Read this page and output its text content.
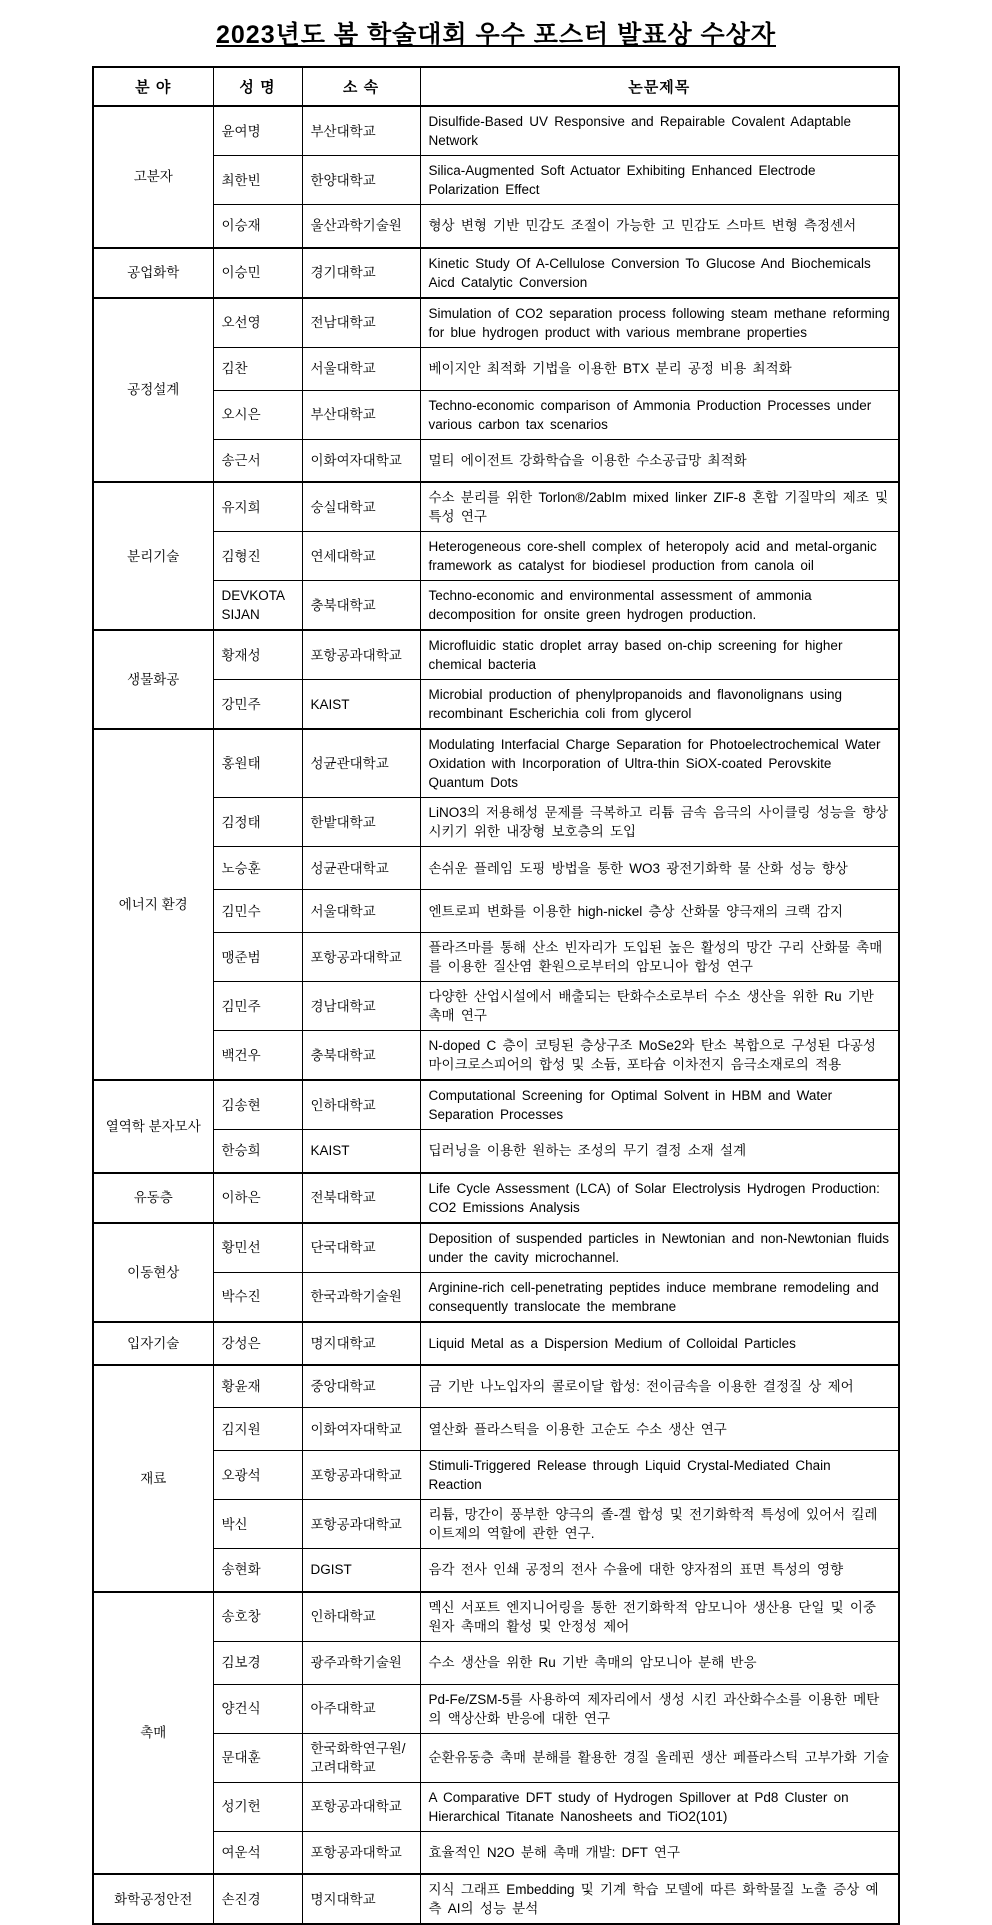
2023년도 봄 학술대회 우수 포스터 발표상 수상자
분 야	성 명	소 속	논문제목
고분자	윤여명	부산대학교	Disulfide-Based UV Responsive and Repairable Covalent Adaptable Network
	최한빈	한양대학교	Silica-Augmented Soft Actuator Exhibiting Enhanced Electrode Polarization Effect
	이승재	울산과학기술원	형상 변형 기반 민감도 조절이 가능한 고 민감도 스마트 변형 측정센서
공업화학	이승민	경기대학교	Kinetic Study Of A-Cellulose Conversion To Glucose And Biochemicals Aicd Catalytic Conversion
공정설계	오선영	전남대학교	Simulation of CO2 separation process following steam methane reforming for blue hydrogen product with various membrane properties
	김찬	서울대학교	베이지안 최적화 기법을 이용한 BTX 분리 공정 비용 최적화
	오시은	부산대학교	Techno-economic comparison of Ammonia Production Processes under various carbon tax scenarios
	송근서	이화여자대학교	멀티 에이전트 강화학습을 이용한 수소공급망 최적화
분리기술	유지희	숭실대학교	수소 분리를 위한 Torlon®/2abIm mixed linker ZIF-8 혼합 기질막의 제조 및 특성 연구
	김형진	연세대학교	Heterogeneous core-shell complex of heteropoly acid and metal-organic framework as catalyst for biodiesel production from canola oil
	DEVKOTA SIJAN	충북대학교	Techno-economic and environmental assessment of ammonia decomposition for onsite green hydrogen production.
생물화공	황재성	포항공과대학교	Microfluidic static droplet array based on-chip screening for higher chemical bacteria
	강민주	KAIST	Microbial production of phenylpropanoids and flavonolignans using recombinant Escherichia coli from glycerol
에너지 환경	홍원태	성균관대학교	Modulating Interfacial Charge Separation for Photoelectrochemical Water Oxidation with Incorporation of Ultra-thin SiOX-coated Perovskite Quantum Dots
	김정태	한밭대학교	LiNO3의 저용해성 문제를 극복하고 리튬 금속 음극의 사이클링 성능을 향상시키기 위한 내장형 보호층의 도입
	노승훈	성균관대학교	손쉬운 플레임 도핑 방법을 통한 WO3 광전기화학 물 산화 성능 향상
	김민수	서울대학교	엔트로피 변화를 이용한 high-nickel 층상 산화물 양극재의 크랙 감지
	맹준범	포항공과대학교	플라즈마를 통해 산소 빈자리가 도입된 높은 활성의 망간 구리 산화물 촉매를 이용한 질산염 환원으로부터의 암모니아 합성 연구
	김민주	경남대학교	다양한 산업시설에서 배출되는 탄화수소로부터 수소 생산을 위한 Ru 기반 촉매 연구
	백건우	충북대학교	N-doped C 층이 코팅된 층상구조 MoSe2와 탄소 복합으로 구성된 다공성 마이크로스피어의 합성 및 소듐, 포타슘 이차전지 음극소재로의 적용
열역학 분자모사	김송현	인하대학교	Computational Screening for Optimal Solvent in HBM and Water Separation Processes
	한승희	KAIST	딥러닝을 이용한 원하는 조성의 무기 결정 소재 설계
유동층	이하은	전북대학교	Life Cycle Assessment (LCA) of Solar Electrolysis Hydrogen Production: CO2 Emissions Analysis
이동현상	황민선	단국대학교	Deposition of suspended particles in Newtonian and non-Newtonian fluids under the cavity microchannel.
	박수진	한국과학기술원	Arginine-rich cell-penetrating peptides induce membrane remodeling and consequently translocate the membrane
입자기술	강성은	명지대학교	Liquid Metal as a Dispersion Medium of Colloidal Particles
재료	황윤재	중앙대학교	금 기반 나노입자의 콜로이달 합성: 전이금속을 이용한 결정질 상 제어
	김지원	이화여자대학교	열산화 플라스틱을 이용한 고순도 수소 생산 연구
	오광석	포항공과대학교	Stimuli-Triggered Release through Liquid Crystal-Mediated Chain Reaction
	박신	포항공과대학교	리튬, 망간이 풍부한 양극의 졸-겔 합성 및 전기화학적 특성에 있어서 킬레이트제의 역할에 관한 연구.
	송현화	DGIST	음각 전사 인쇄 공정의 전사 수율에 대한 양자점의 표면 특성의 영향
촉매	송호창	인하대학교	멕신 서포트 엔지니어링을 통한 전기화학적 암모니아 생산용 단일 및 이중 원자 촉매의 활성 및 안정성 제어
	김보경	광주과학기술원	수소 생산을 위한 Ru 기반 촉매의 암모니아 분해 반응
	양건식	아주대학교	Pd-Fe/ZSM-5를 사용하여 제자리에서 생성 시킨 과산화수소를 이용한 메탄의 액상산화 반응에 대한 연구
	문대훈	한국화학연구원/고려대학교	순환유동층 촉매 분해를 활용한 경질 올레핀 생산 페플라스틱 고부가화 기술
	성기헌	포항공과대학교	A Comparative DFT study of Hydrogen Spillover at Pd8 Cluster on Hierarchical Titanate Nanosheets and TiO2(101)
	여운석	포항공과대학교	효율적인 N2O 분해 촉매 개발: DFT 연구
화학공정안전	손진경	명지대학교	지식 그래프 Embedding 및 기계 학습 모델에 따른 화학물질 노출 증상 예측 AI의 성능 분석
